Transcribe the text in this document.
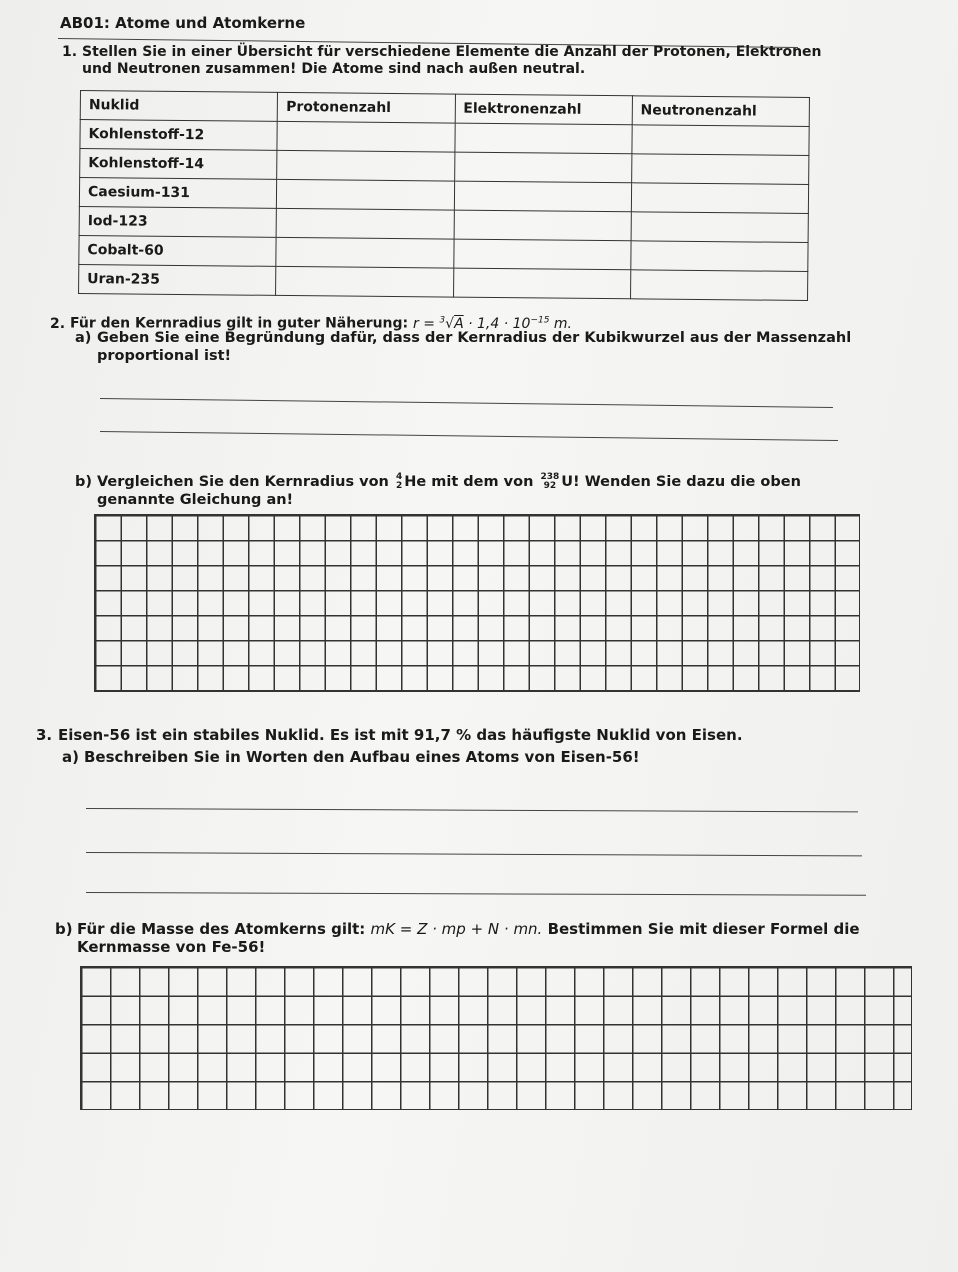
AB01: Atome und Atomkerne
1. Stellen Sie in einer Übersicht für verschiedene Elemente die Anzahl der Protonen, Elektronen
und Neutronen zusammen! Die Atome sind nach außen neutral.
Nuklid	Protonenzahl	Elektronenzahl	Neutronenzahl
Kohlenstoff-12			
Kohlenstoff-14			
Caesium-131			
Iod-123			
Cobalt-60			
Uran-235			
2. Für den Kernradius gilt in guter Näherung: $r = ^3√A \cdot 1,4 \cdot 10^{-15}$ m.
a) Geben Sie eine Begründung dafür, dass der Kernradius der Kubikwurzel aus der Massenzahl
proportional ist!
b) Vergleichen Sie den Kernradius von 4
2 He mit dem von 238
92 U! Wenden Sie dazu die oben
genannte Gleichung an!
3. Eisen-56 ist ein stabiles Nuklid. Es ist mit 91,7 % das häufigste Nuklid von Eisen.
a) Beschreiben Sie in Worten den Aufbau eines Atoms von Eisen-56!
b) Für die Masse des Atomkerns gilt: mK = Z · mp + N · mn. Bestimmen Sie mit dieser Formel die
Kernmasse von Fe-56!
